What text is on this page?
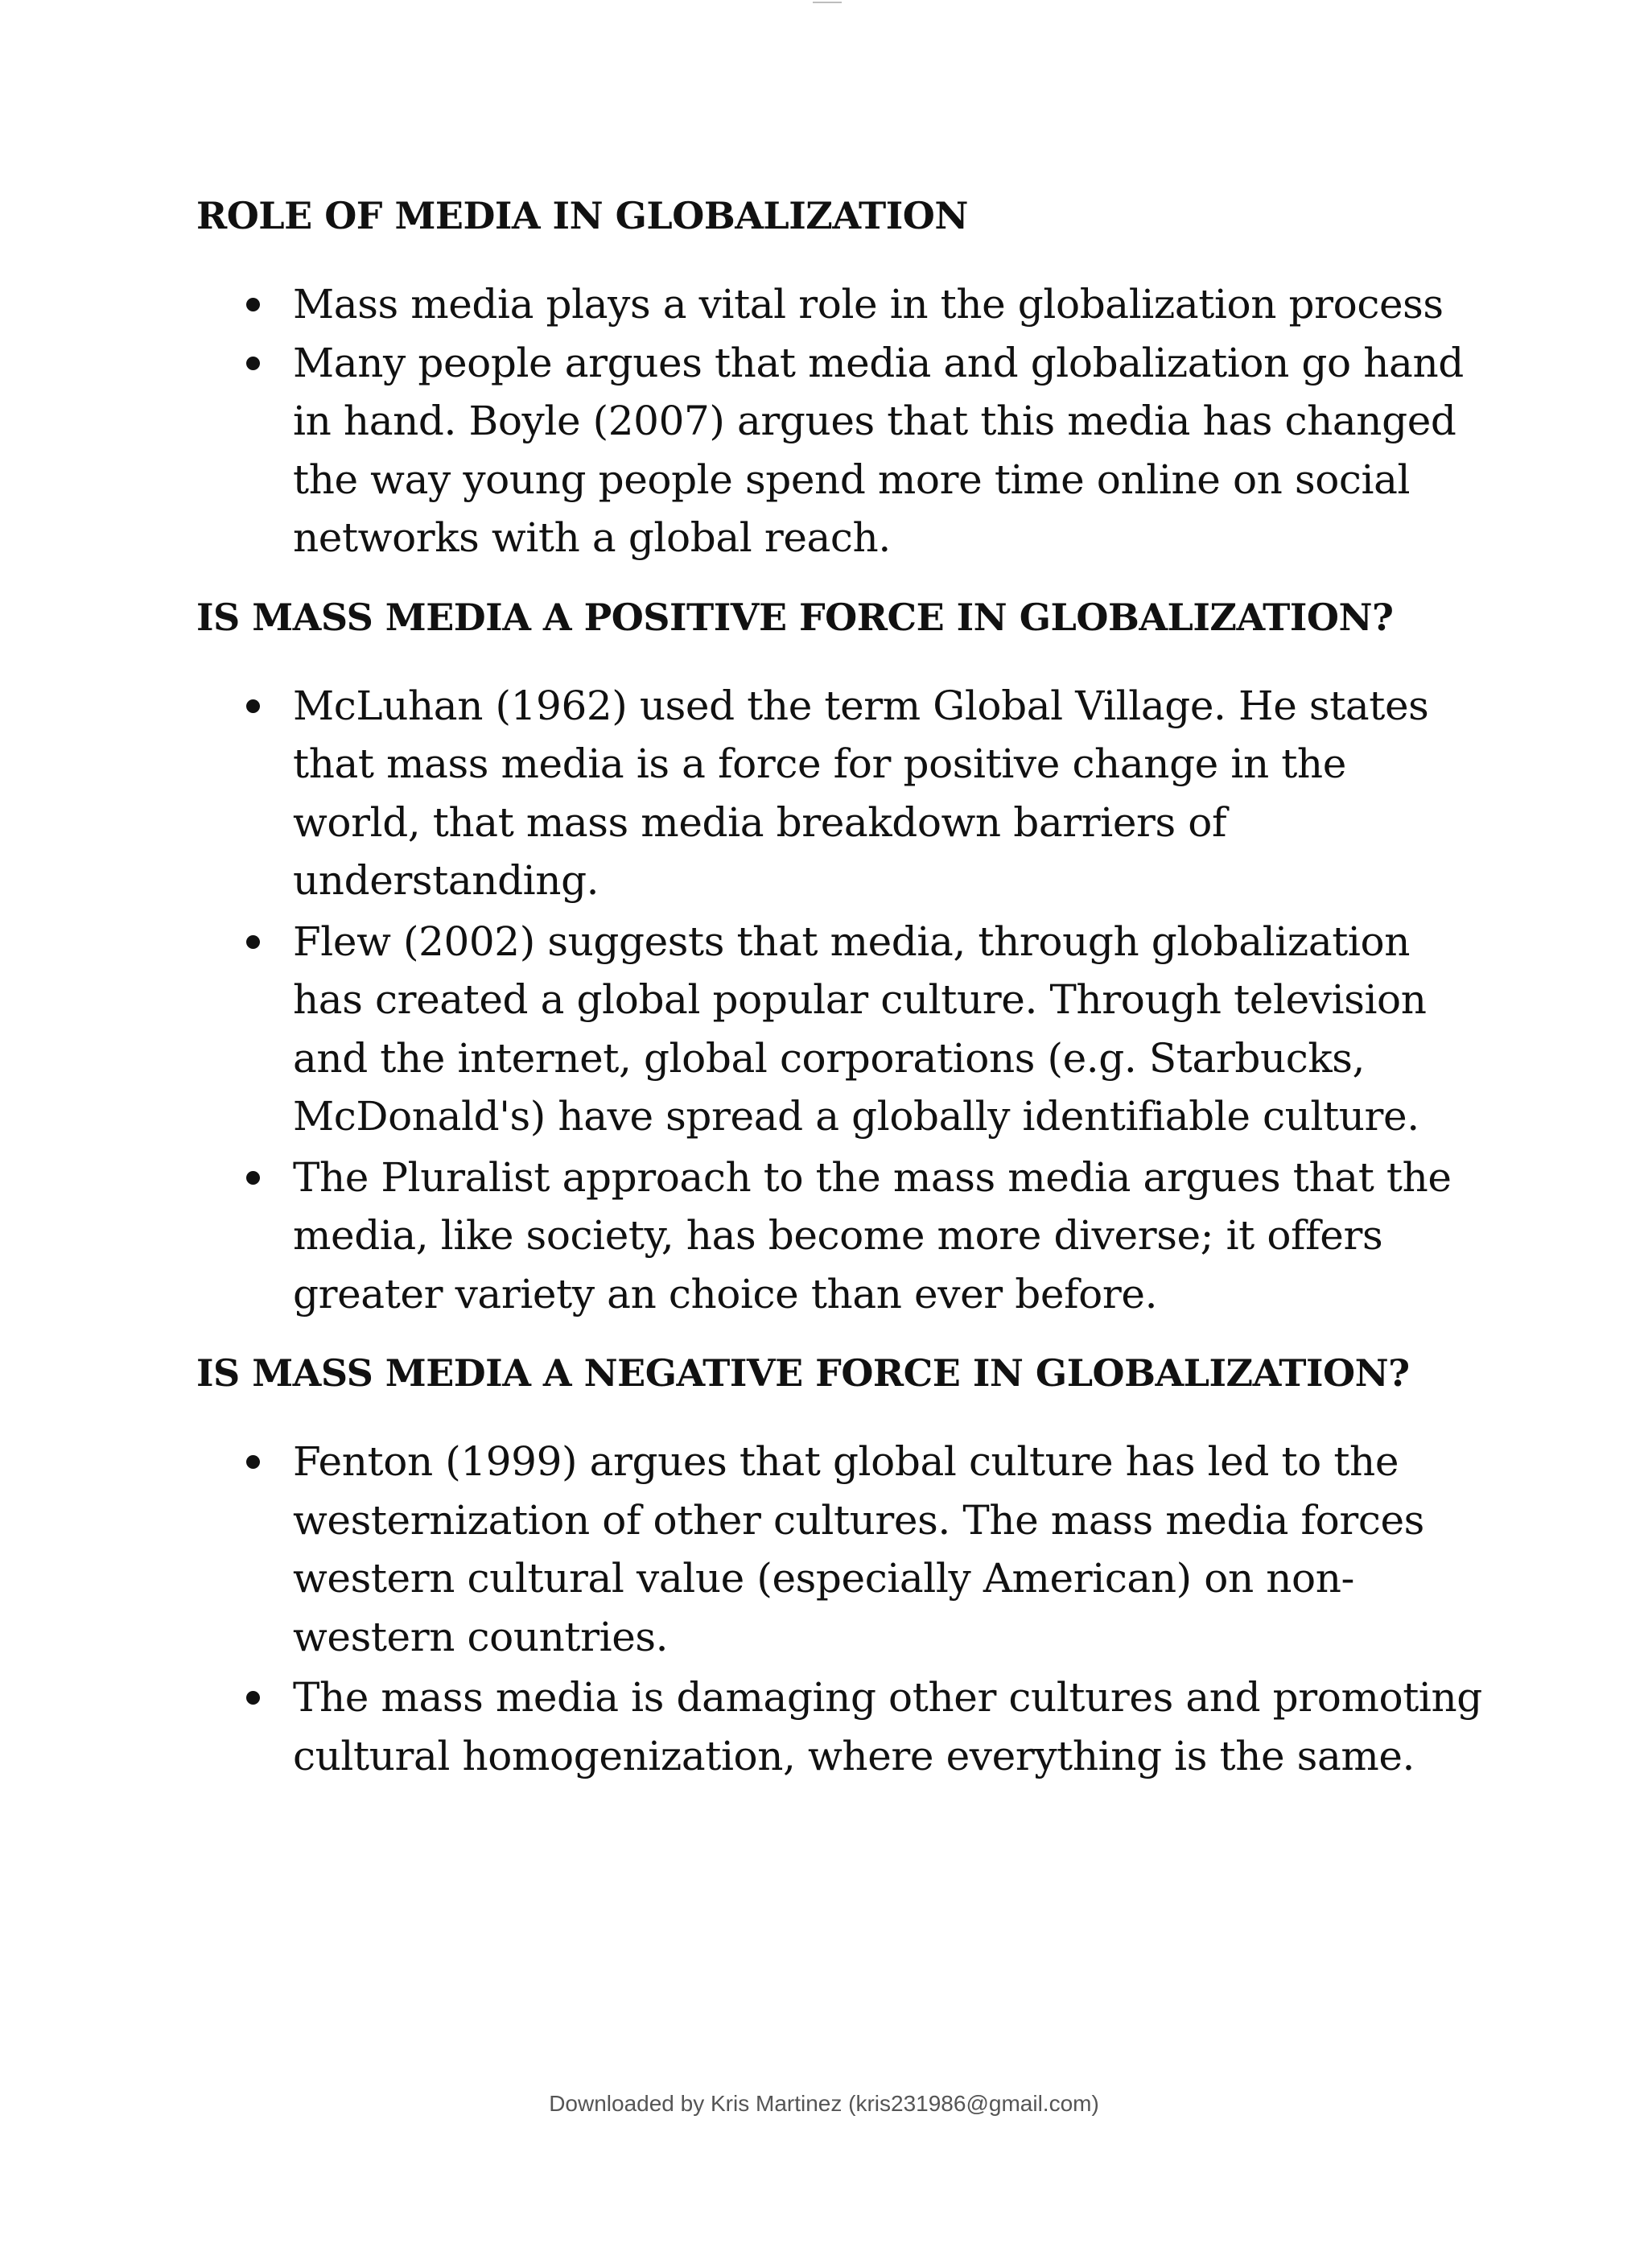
ROLE OF MEDIA IN GLOBALIZATION
Mass media plays a vital role in the globalization process
Many people argues that media and globalization go hand in hand. Boyle (2007) argues that this media has changed the way young people spend more time online on social networks with a global reach.
IS MASS MEDIA A POSITIVE FORCE IN GLOBALIZATION?
McLuhan (1962) used the term Global Village. He states that mass media is a force for positive change in the world, that mass media breakdown barriers of understanding.
Flew (2002) suggests that media, through globalization has created a global popular culture. Through television and the internet, global corporations (e.g. Starbucks, McDonald's) have spread a globally identifiable culture.
The Pluralist approach to the mass media argues that the media, like society, has become more diverse; it offers greater variety an choice than ever before.
IS MASS MEDIA A NEGATIVE FORCE IN GLOBALIZATION?
Fenton (1999) argues that global culture has led to the westernization of other cultures. The mass media forces western cultural value (especially American) on non-western countries.
The mass media is damaging other cultures and promoting cultural homogenization, where everything is the same.
Downloaded by Kris Martinez (kris231986@gmail.com)
